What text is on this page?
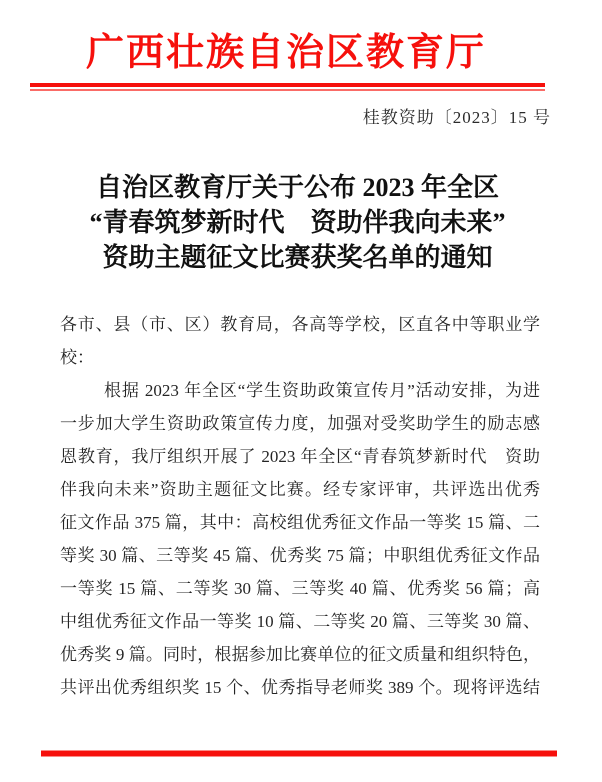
广西壮族自治区教育厅
桂教资助〔2023〕15 号
自治区教育厅关于公布 2023 年全区
“青春筑梦新时代　资助伴我向未来”
资助主题征文比赛获奖名单的通知
各市、县（市、区）教育局，各高等学校，区直各中等职业学
校：
根据 2023 年全区“学生资助政策宣传月”活动安排，为进
一步加大学生资助政策宣传力度，加强对受奖助学生的励志感
恩教育，我厅组织开展了 2023 年全区“青春筑梦新时代　资助
伴我向未来”资助主题征文比赛。经专家评审，共评选出优秀
征文作品 375 篇，其中：高校组优秀征文作品一等奖 15 篇、二
等奖 30 篇、三等奖 45 篇、优秀奖 75 篇；中职组优秀征文作品
一等奖 15 篇、二等奖 30 篇、三等奖 40 篇、优秀奖 56 篇；高
中组优秀征文作品一等奖 10 篇、二等奖 20 篇、三等奖 30 篇、
优秀奖 9 篇。同时，根据参加比赛单位的征文质量和组织特色，
共评出优秀组织奖 15 个、优秀指导老师奖 389 个。现将评选结
